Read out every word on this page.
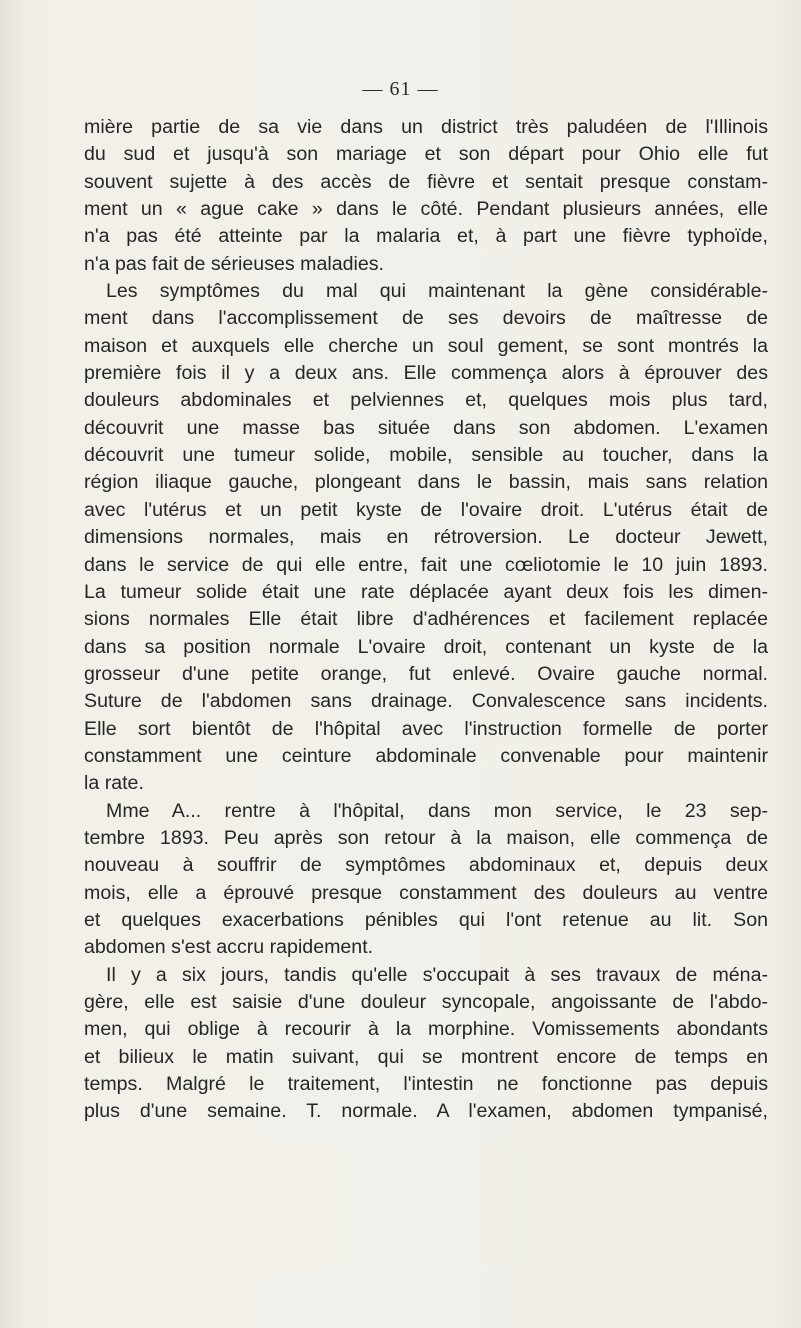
— 61 —

mière partie de sa vie dans un district très paludéen de l'Illinois
du sud et jusqu'à son mariage et son départ pour Ohio elle fut
souvent sujette à des accès de fièvre et sentait presque constam-
ment un « ague cake » dans le côté. Pendant plusieurs années, elle
n'a pas été atteinte par la malaria et, à part une fièvre typhoïde,
n'a pas fait de sérieuses maladies.
Les symptômes du mal qui maintenant la gène considérable-
ment dans l'accomplissement de ses devoirs de maîtresse de
maison et auxquels elle cherche un soul gement, se sont montrés la
première fois il y a deux ans. Elle commença alors à éprouver des
douleurs abdominales et pelviennes et, quelques mois plus tard,
découvrit une masse bas située dans son abdomen. L'examen
découvrit une tumeur solide, mobile, sensible au toucher, dans la
région iliaque gauche, plongeant dans le bassin, mais sans relation
avec l'utérus et un petit kyste de l'ovaire droit. L'utérus était de
dimensions normales, mais en rétroversion. Le docteur Jewett,
dans le service de qui elle entre, fait une cœliotomie le 10 juin 1893.
La tumeur solide était une rate déplacée ayant deux fois les dimen-
sions normales Elle était libre d'adhérences et facilement replacée
dans sa position normale L'ovaire droit, contenant un kyste de la
grosseur d'une petite orange, fut enlevé. Ovaire gauche normal.
Suture de l'abdomen sans drainage. Convalescence sans incidents.
Elle sort bientôt de l'hôpital avec l'instruction formelle de porter
constamment une ceinture abdominale convenable pour maintenir
la rate.
Mme A... rentre à l'hôpital, dans mon service, le 23 sep-
tembre 1893. Peu après son retour à la maison, elle commença de
nouveau à souffrir de symptômes abdominaux et, depuis deux
mois, elle a éprouvé presque constamment des douleurs au ventre
et quelques exacerbations pénibles qui l'ont retenue au lit. Son
abdomen s'est accru rapidement.
Il y a six jours, tandis qu'elle s'occupait à ses travaux de ména-
gère, elle est saisie d'une douleur syncopale, angoissante de l'abdo-
men, qui oblige à recourir à la morphine. Vomissements abondants
et bilieux le matin suivant, qui se montrent encore de temps en
temps. Malgré le traitement, l'intestin ne fonctionne pas depuis
plus d'une semaine. T. normale. A l'examen, abdomen tympanisé,
